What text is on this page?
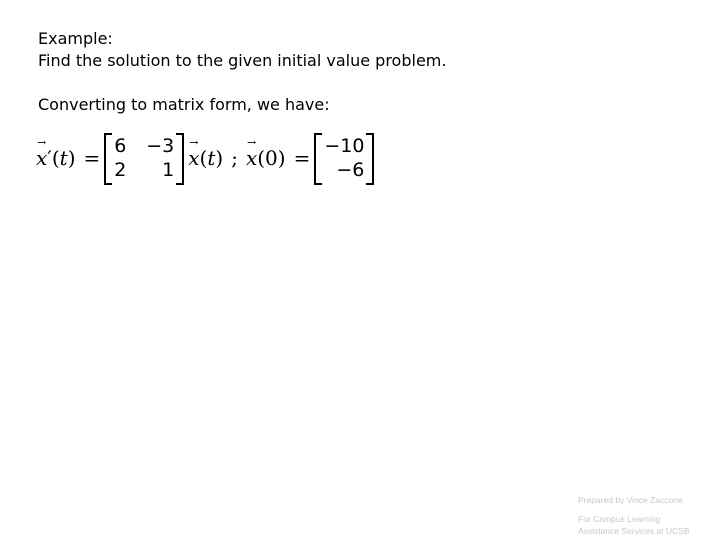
Example:
Find the solution to the given initial value problem.
Converting to matrix form, we have:
→
x ′ ( t ) = 6	−3
2	1
→
x ( t ) ;
→
x (0) = −10
−6
Prepared by Vince Zaccone
For Campus Learning
Assistance Services at UCSB
